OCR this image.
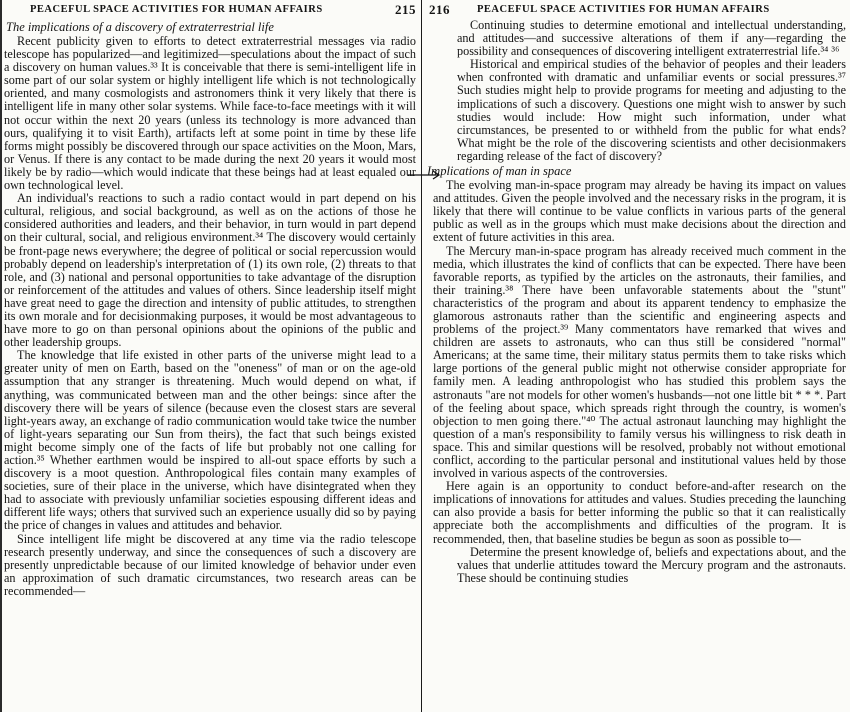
PEACEFUL SPACE ACTIVITIES FOR HUMAN AFFAIRS	215
The implications of a discovery of extraterrestrial life

Recent publicity given to efforts to detect extraterrestrial messages via radio telescope has popularized—and legitimized—speculations about the impact of such a discovery on human values.³³ It is conceivable that there is semi-intelligent life in some part of our solar system or highly intelligent life which is not technologically oriented, and many cosmologists and astronomers think it very likely that there is intelligent life in many other solar systems. While face-to-face meetings with it will not occur within the next 20 years (unless its technology is more advanced than ours, qualifying it to visit Earth), artifacts left at some point in time by these life forms might possibly be discovered through our space activities on the Moon, Mars, or Venus. If there is any contact to be made during the next 20 years it would most likely be by radio—which would indicate that these beings had at least equaled our own technological level.

An individual's reactions to such a radio contact would in part depend on his cultural, religious, and social background, as well as on the actions of those he considered authorities and leaders, and their behavior, in turn would in part depend on their cultural, social, and religious environment.³⁴ The discovery would certainly be front-page news everywhere; the degree of political or social repercussion would probably depend on leadership's interpretation of (1) its own role, (2) threats to that role, and (3) national and personal opportunities to take advantage of the disruption or reinforcement of the attitudes and values of others. Since leadership itself might have great need to gage the direction and intensity of public attitudes, to strengthen its own morale and for decisionmaking purposes, it would be most advantageous to have more to go on than personal opinions about the opinions of the public and other leadership groups.

The knowledge that life existed in other parts of the universe might lead to a greater unity of men on Earth, based on the "oneness" of man or on the age-old assumption that any stranger is threatening. Much would depend on what, if anything, was communicated between man and the other beings: since after the discovery there will be years of silence (because even the closest stars are several light-years away, an exchange of radio communication would take twice the number of light-years separating our Sun from theirs), the fact that such beings existed might become simply one of the facts of life but probably not one calling for action.³⁵ Whether earthmen would be inspired to all-out space efforts by such a discovery is a moot question. Anthropological files contain many examples of societies, sure of their place in the universe, which have disintegrated when they had to associate with previously unfamiliar societies espousing different ideas and different life ways; others that survived such an experience usually did so by paying the price of changes in values and attitudes and behavior.

Since intelligent life might be discovered at any time via the radio telescope research presently underway, and since the consequences of such a discovery are presently unpredictable because of our limited knowledge of behavior under even an approximation of such dramatic circumstances, two research areas can be recommended—

216	PEACEFUL SPACE ACTIVITIES FOR HUMAN AFFAIRS

Continuing studies to determine emotional and intellectual understanding, and attitudes—and successive alterations of them if any—regarding the possibility and consequences of discovering intelligent extraterrestrial life.³⁴ ³⁶

Historical and empirical studies of the behavior of peoples and their leaders when confronted with dramatic and unfamiliar events or social pressures.³⁷ Such studies might help to provide programs for meeting and adjusting to the implications of such a discovery. Questions one might wish to answer by such studies would include: How might such information, under what circumstances, be presented to or withheld from the public for what ends? What might be the role of the discovering scientists and other decisionmakers regarding release of the fact of discovery?

Implications of man in space

The evolving man-in-space program may already be having its impact on values and attitudes. Given the people involved and the necessary risks in the program, it is likely that there will continue to be value conflicts in various parts of the general public as well as in the groups which must make decisions about the direction and extent of future activities in this area.

The Mercury man-in-space program has already received much comment in the media, which illustrates the kind of conflicts that can be expected. There have been favorable reports, as typified by the articles on the astronauts, their families, and their training.³⁸ There have been unfavorable statements about the "stunt" characteristics of the program and about its apparent tendency to emphasize the glamorous astronauts rather than the scientific and engineering aspects and problems of the project.³⁹ Many commentators have remarked that wives and children are assets to astronauts, who can thus still be considered "normal" Americans; at the same time, their military status permits them to take risks which large portions of the general public might not otherwise consider appropriate for family men. A leading anthropologist who has studied this problem says the astronauts "are not models for other women's husbands—not one little bit * * *. Part of the feeling about space, which spreads right through the country, is women's objection to men going there."⁴⁰ The actual astronaut launching may highlight the question of a man's responsibility to family versus his willingness to risk death in space. This and similar questions will be resolved, probably not without emotional conflict, according to the particular personal and institutional values held by those involved in various aspects of the controversies.

Here again is an opportunity to conduct before-and-after research on the implications of innovations for attitudes and values. Studies preceding the launching can also provide a basis for better informing the public so that it can realistically appreciate both the accomplishments and difficulties of the program. It is recommended, then, that baseline studies be begun as soon as possible to—

Determine the present knowledge of, beliefs and expectations about, and the values that underlie attitudes toward the Mercury program and the astronauts. These should be continuing studies
